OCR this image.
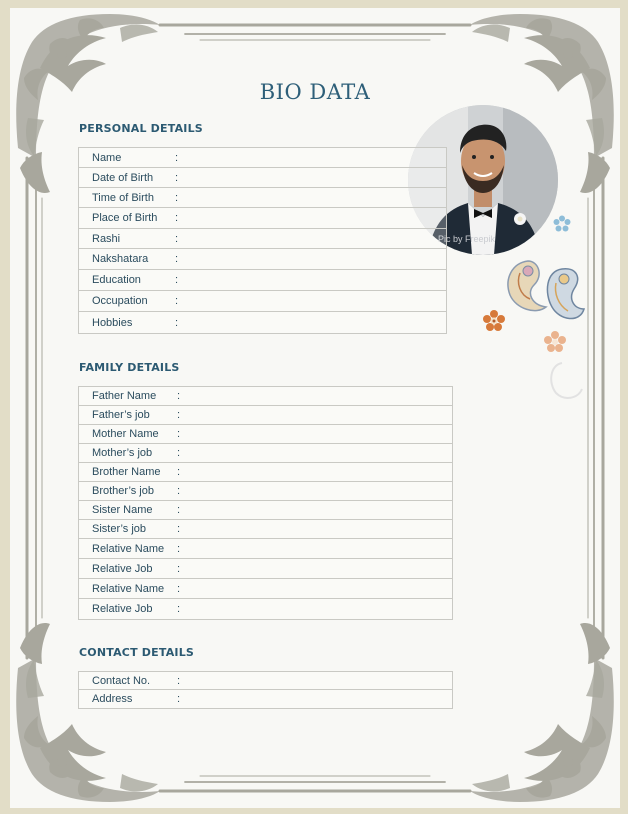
BIO DATA
Pic by Freepik
PERSONAL DETAILS
Name	:
Date of Birth :
Time of Birth :
Place of Birth :
Rashi	:
Nakshatara :
Education	:
Occupation :
Hobbies	:
FAMILY DETAILS
Father Name :
Father’s job :
Mother Name :
Mother’s job :
Brother Name :
Brother’s job :
Sister Name :
Sister’s job	:
Relative Name :
Relative Job :
Relative Name :
Relative Job :
CONTACT DETAILS
Contact No. :
Address	:
